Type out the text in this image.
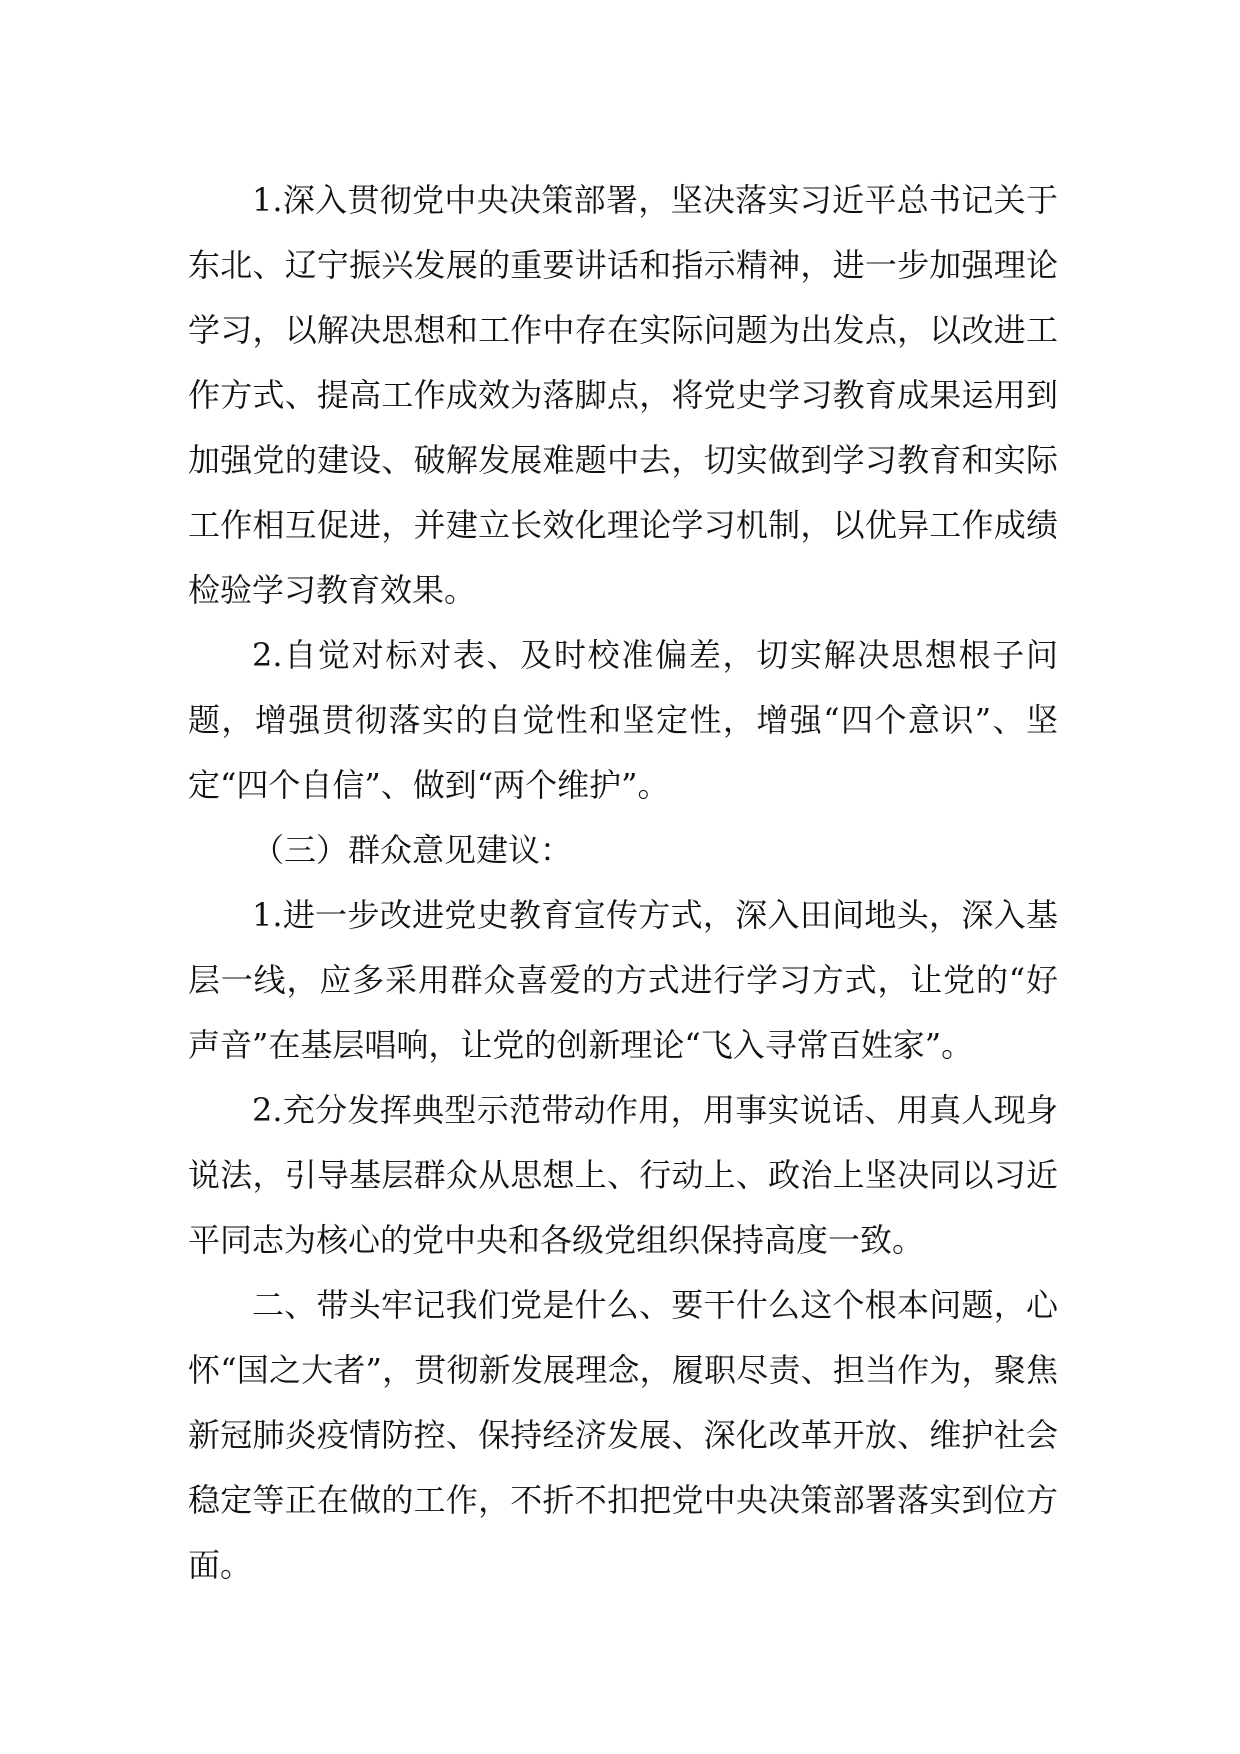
1.深入贯彻党中央决策部署，坚决落实习近平总书记关于东北、辽宁振兴发展的重要讲话和指示精神，进一步加强理论学习，以解决思想和工作中存在实际问题为出发点，以改进工作方式、提高工作成效为落脚点，将党史学习教育成果运用到加强党的建设、破解发展难题中去，切实做到学习教育和实际工作相互促进，并建立长效化理论学习机制，以优异工作成绩检验学习教育效果。

2.自觉对标对表、及时校准偏差，切实解决思想根子问题，增强贯彻落实的自觉性和坚定性，增强“四个意识”、坚定“四个自信”、做到“两个维护”。

（三）群众意见建议：

1.进一步改进党史教育宣传方式，深入田间地头，深入基层一线，应多采用群众喜爱的方式进行学习方式，让党的“好声音”在基层唱响，让党的创新理论“飞入寻常百姓家”。

2.充分发挥典型示范带动作用，用事实说话、用真人现身说法，引导基层群众从思想上、行动上、政治上坚决同以习近平同志为核心的党中央和各级党组织保持高度一致。

二、带头牢记我们党是什么、要干什么这个根本问题，心怀“国之大者”，贯彻新发展理念，履职尽责、担当作为，聚焦新冠肺炎疫情防控、保持经济发展、深化改革开放、维护社会稳定等正在做的工作，不折不扣把党中央决策部署落实到位方面。
